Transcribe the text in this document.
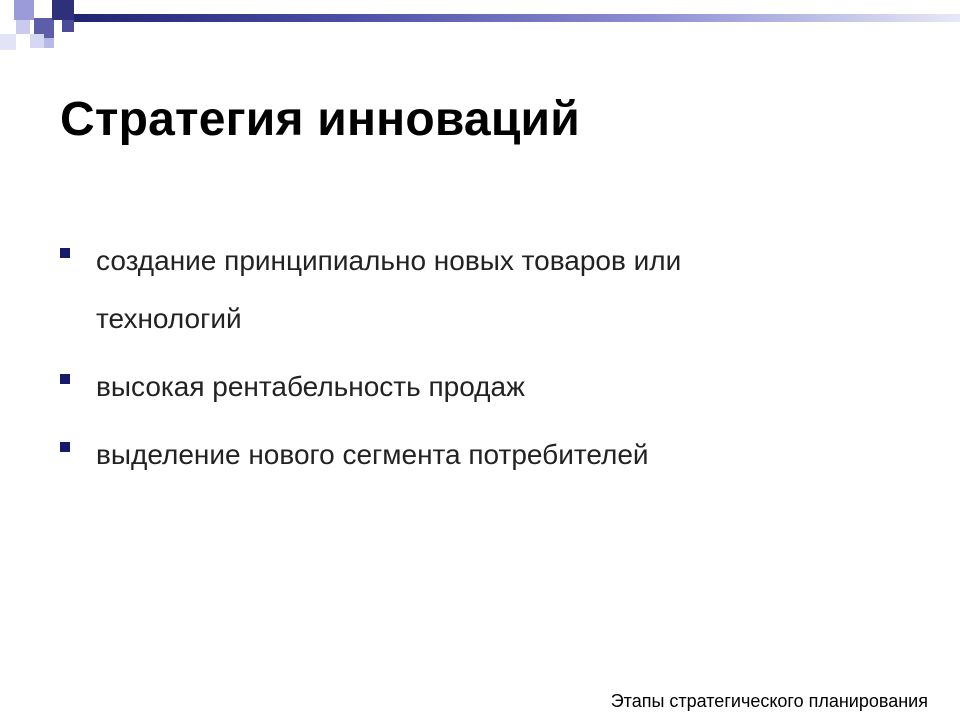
Стратегия инноваций
создание принципиально новых товаров или
технологий
высокая рентабельность продаж
выделение нового сегмента потребителей
Этапы стратегического планирования
